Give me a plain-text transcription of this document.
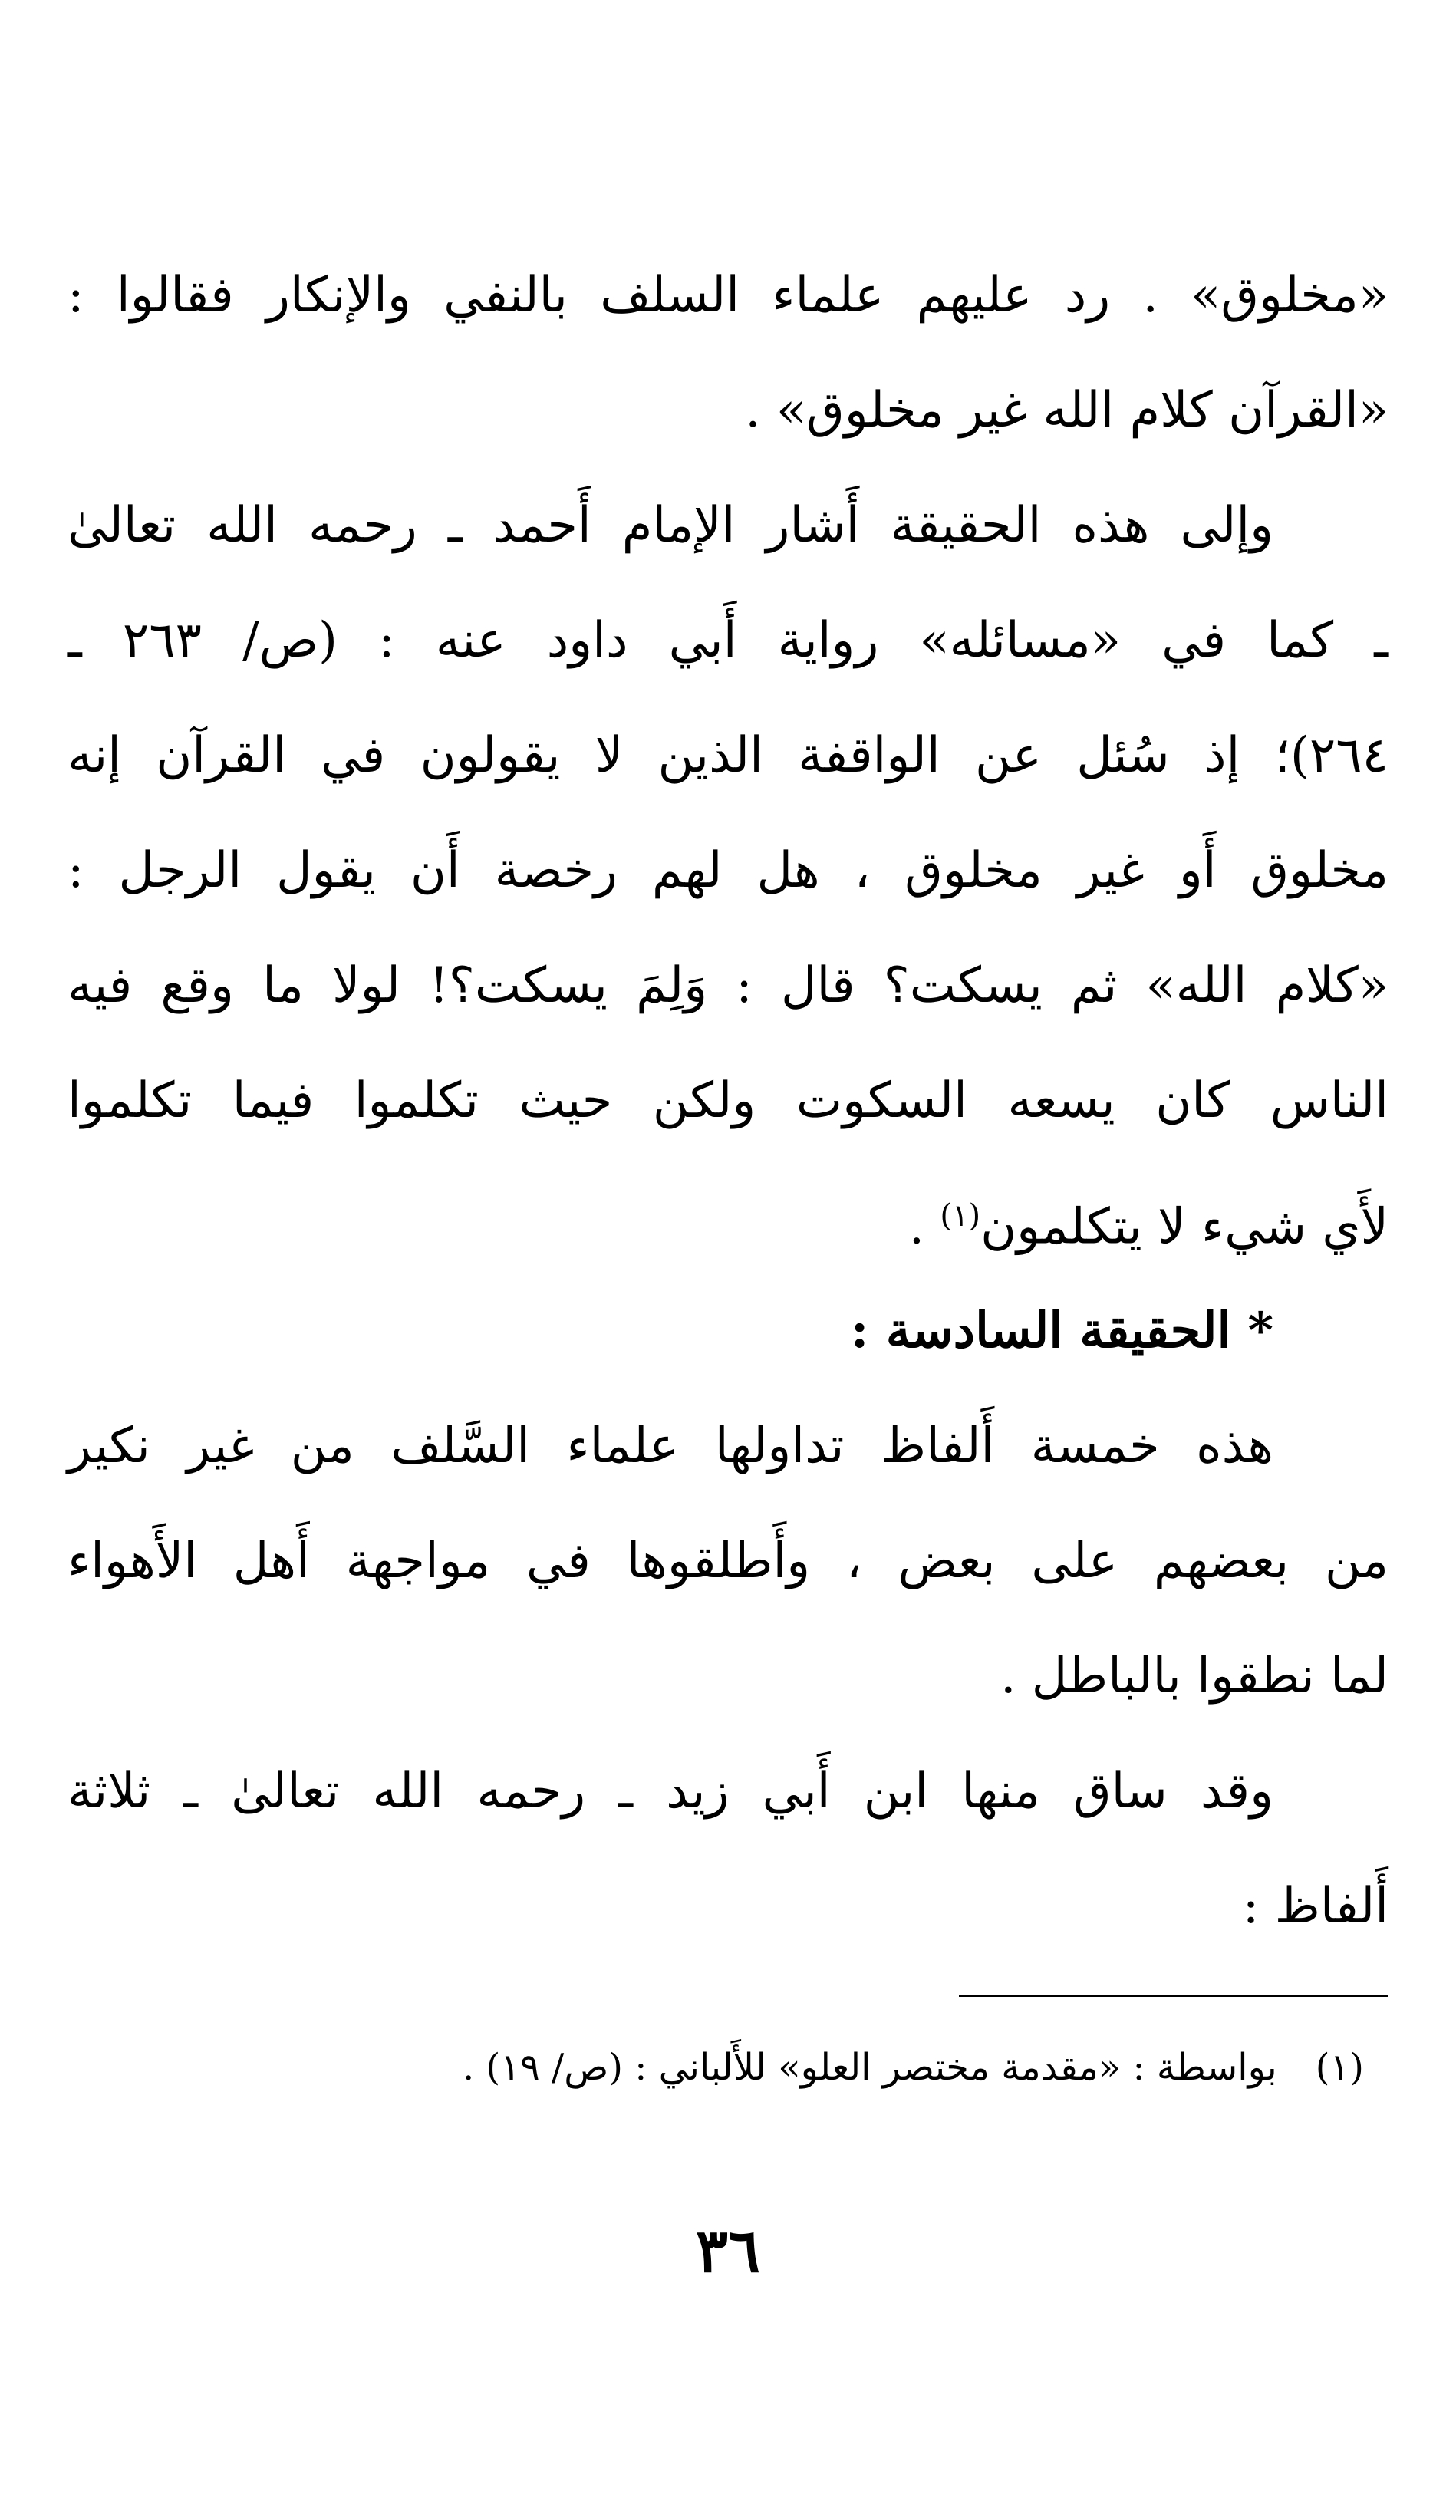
«مخلوق» . رد عليهم علماء السلف بالنفي والإنكار فقالوا :
«القرآن كلام الله غير مخلوق» .
وإلى هذه الحقيقة أَشار الإمام أَحمد ـ رحمه الله تعالىٰ
ـ كما في «مسائله» رواية أَبي داود عنه : (ص/ ٢٦٣ ـ
٢٦٤)؛ إذ سُئل عن الواقفة الذين لا يقولون في القرآن إنه
مخلوق أَو غير مخلوق ، هل لهم رخصة أَن يقول الرجل :
«كلام الله» ثم يسكت؟ قال : وَلِمَ يسكت؟! لولا ما وقع فيه
الناس كان يسعه السكوت ولكن حيث تكلموا فيما تكلموا
لأَي شيء لا يتكلمون$^{(١)}$ .
* الحقيقة السادسة :
هذه خمسة أَلفاظ تداولها علماء السَّلف من غير نكير
من بعضهم على بعض ، وأَطلقوها في مواجهة أَهل الأَهواء
لما نطقوا بالباطل .
وقد ساق منها ابن أَبي زيد ـ رحمه الله تعالىٰ ـ ثلاثة
أَلفاظ :
(١)بواسطة : «مقدمة مختصر العلو» للأَلباني : (ص/ ١٩) .
٣٦
